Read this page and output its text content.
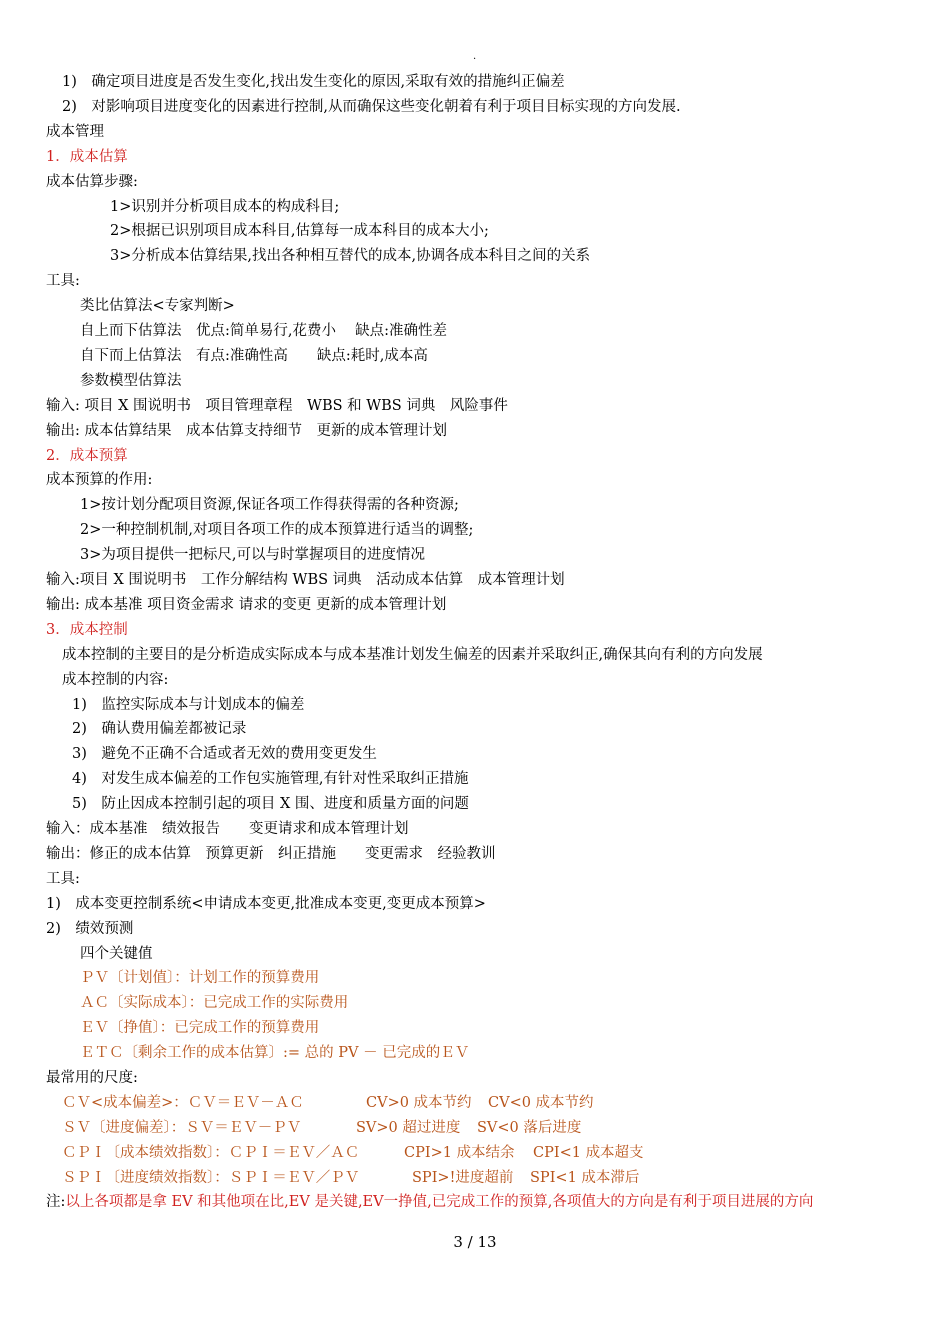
.
1)　确定项目进度是否发生变化,找出发生变化的原因,采取有效的措施纠正偏差
2)　对影响项目进度变化的因素进行控制,从而确保这些变化朝着有利于项目目标实现的方向发展.
成本管理
1．成本估算
成本估算步骤:
1>识别并分析项目成本的构成科目;
2>根据已识别项目成本科目,估算每一成本科目的成本大小;
3>分析成本估算结果,找出各种相互替代的成本,协调各成本科目之间的关系
工具:
类比估算法<专家判断>
自上而下估算法　优点:简单易行,花费小　 缺点:准确性差
自下而上估算法　有点:准确性高　　缺点:耗时,成本高
参数模型估算法
输入: 项目 X 围说明书　项目管理章程　WBS 和 WBS 词典　风险事件
输出: 成本估算结果　成本估算支持细节　更新的成本管理计划
2．成本预算
成本预算的作用:
1>按计划分配项目资源,保证各项工作得获得需的各种资源;
2>一种控制机制,对项目各项工作的成本预算进行适当的调整;
3>为项目提供一把标尺,可以与时掌握项目的进度情况
输入:项目 X 围说明书　工作分解结构 WBS 词典　活动成本估算　成本管理计划
输出: 成本基准 项目资金需求 请求的变更 更新的成本管理计划
3．成本控制
成本控制的主要目的是分析造成实际成本与成本基准计划发生偏差的因素并采取纠正,确保其向有利的方向发展
成本控制的内容:
1)　监控实际成本与计划成本的偏差
2)　确认费用偏差都被记录
3)　避免不正确不合适或者无效的费用变更发生
4)　对发生成本偏差的工作包实施管理,有针对性采取纠正措施
5)　防止因成本控制引起的项目 X 围、进度和质量方面的问题
输入：成本基准　绩效报告　　变更请求和成本管理计划
输出：修正的成本估算　预算更新　纠正措施　　变更需求　经验教训
工具:
1)　成本变更控制系统<申请成本变更,批准成本变更,变更成本预算>
2)　绩效预测
四个关键值
ＰＶ〔计划值〕：计划工作的预算费用
ＡＣ〔实际成本〕：已完成工作的实际费用
ＥＶ〔挣值〕：已完成工作的预算费用
ＥＴＣ〔剩余工作的成本估算〕:= 总的 PV － 已完成的ＥＶ
最常用的尺度:
ＣＶ<成本偏差>：ＣＶ＝ＥＶ－ＡＣ	CV>0 成本节约 CV<0 成本节约
ＳＶ〔进度偏差〕：ＳＶ＝ＥＶ－ＰＶ	SV>0 超过进度 SV<0 落后进度
ＣＰＩ〔成本绩效指数〕：ＣＰＩ＝ＥＶ／ＡＣ	CPI>1 成本结余 CPI<1 成本超支
ＳＰＩ〔进度绩效指数〕：ＳＰＩ＝ＥＶ／ＰＶ	SPI>!进度超前 SPI<1 成本滞后
注:以上各项都是拿 EV 和其他项在比,EV 是关键,EV一挣值,已完成工作的预算,各项值大的方向是有利于项目进展的方向
3 / 13
